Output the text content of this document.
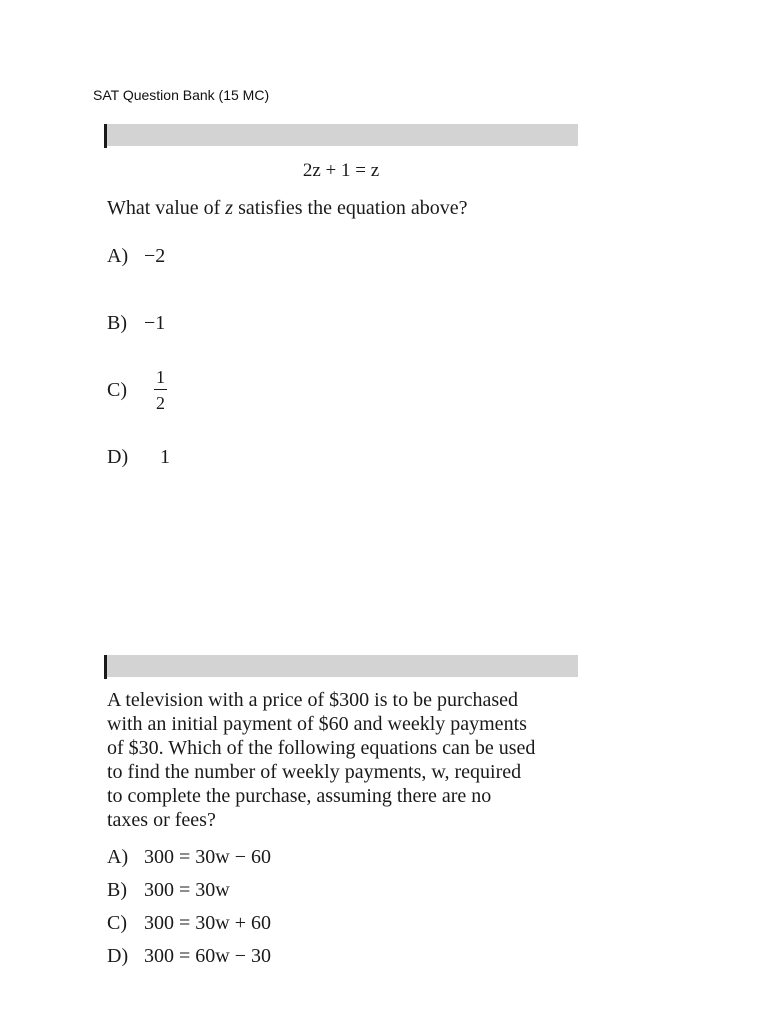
SAT Question Bank (15 MC)
2z + 1 = z
What value of z satisfies the equation above?
A) −2
B) −1
C)	$\frac{1}{2}$
D)	1
A television with a price of $300 is to be purchased
with an initial payment of $60 and weekly payments
of $30. Which of the following equations can be used
to find the number of weekly payments, w, required
to complete the purchase, assuming there are no
taxes or fees?
A) 300 = 30w − 60
B) 300 = 30w
C) 300 = 30w + 60
D) 300 = 60w − 30
